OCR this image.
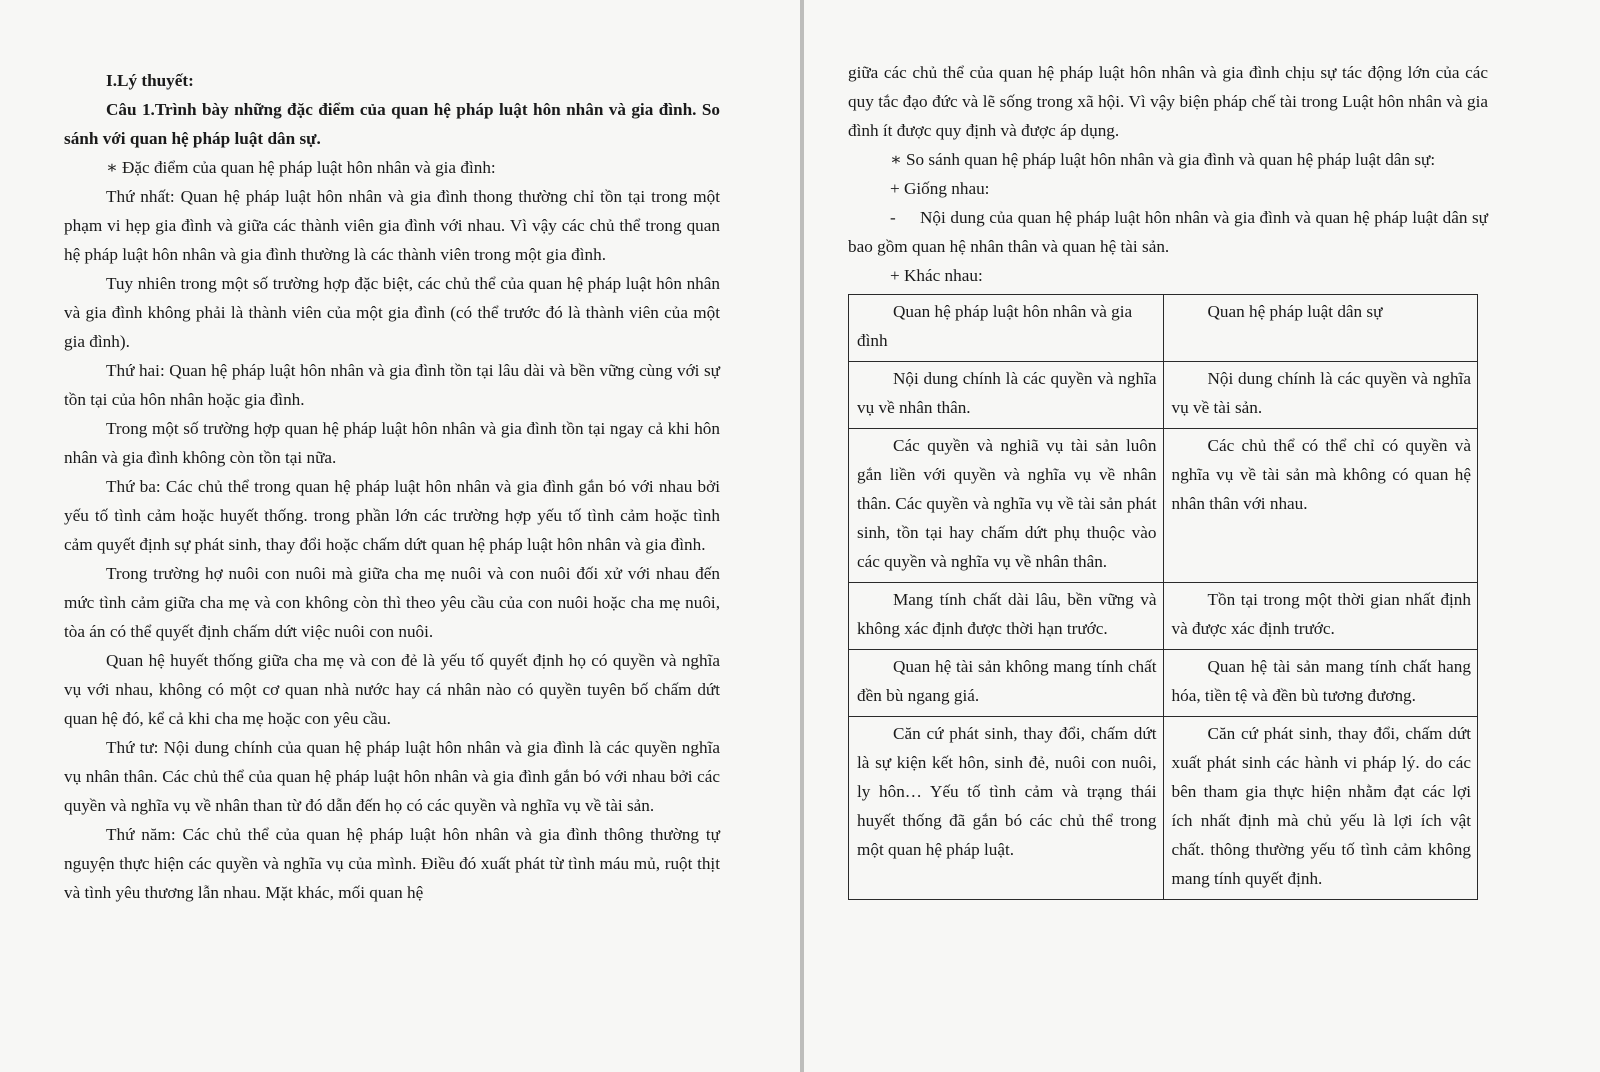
I.Lý thuyết:

Câu 1.Trình bày những đặc điểm của quan hệ pháp luật hôn nhân và gia đình. So sánh với quan hệ pháp luật dân sự.

∗ Đặc điểm của quan hệ pháp luật hôn nhân và gia đình:

Thứ nhất: Quan hệ pháp luật hôn nhân và gia đình thong thường chỉ tồn tại trong một phạm vi hẹp gia đình và giữa các thành viên gia đình với nhau. Vì vậy các chủ thể trong quan hệ pháp luật hôn nhân và gia đình thường là các thành viên trong một gia đình.

Tuy nhiên trong một số trường hợp đặc biệt, các chủ thể của quan hệ pháp luật hôn nhân và gia đình không phải là thành viên của một gia đình (có thể trước đó là thành viên của một gia đình).

Thứ hai: Quan hệ pháp luật hôn nhân và gia đình tồn tại lâu dài và bền vững cùng với sự tồn tại của hôn nhân hoặc gia đình.

Trong một số trường hợp quan hệ pháp luật hôn nhân và gia đình tồn tại ngay cả khi hôn nhân và gia đình không còn tồn tại nữa.

Thứ ba: Các chủ thể trong quan hệ pháp luật hôn nhân và gia đình gắn bó với nhau bởi yếu tố tình cảm hoặc huyết thống. trong phần lớn các trường hợp yếu tố tình cảm hoặc tình cảm quyết định sự phát sinh, thay đổi hoặc chấm dứt quan hệ pháp luật hôn nhân và gia đình.

Trong trường hợ nuôi con nuôi mà giữa cha mẹ nuôi và con nuôi đối xử với nhau đến mức tình cảm giữa cha mẹ và con không còn thì theo yêu cầu của con nuôi hoặc cha mẹ nuôi, tòa án có thể quyết định chấm dứt việc nuôi con nuôi.

Quan hệ huyết thống giữa cha mẹ và con đẻ là yếu tố quyết định họ có quyền và nghĩa vụ với nhau, không có một cơ quan nhà nước hay cá nhân nào có quyền tuyên bố chấm dứt quan hệ đó, kể cả khi cha mẹ hoặc con yêu cầu.

Thứ tư: Nội dung chính của quan hệ pháp luật hôn nhân và gia đình là các quyền nghĩa vụ nhân thân. Các chủ thể của quan hệ pháp luật hôn nhân và gia đình gắn bó với nhau bởi các quyền và nghĩa vụ về nhân than từ đó dẫn đến họ có các quyền và nghĩa vụ về tài sản.

Thứ năm: Các chủ thể của quan hệ pháp luật hôn nhân và gia đình thông thường tự nguyện thực hiện các quyền và nghĩa vụ của mình. Điều đó xuất phát từ tình máu mủ, ruột thịt và tình yêu thương lẫn nhau. Mặt khác, mối quan hệ

giữa các chủ thể của quan hệ pháp luật hôn nhân và gia đình chịu sự tác động lớn của các quy tắc đạo đức và lẽ sống trong xã hội. Vì vậy biện pháp chế tài trong Luật hôn nhân và gia đình ít được quy định và được áp dụng.

∗ So sánh quan hệ pháp luật hôn nhân và gia đình và quan hệ pháp luật dân sự:

+ Giống nhau:

- Nội dung của quan hệ pháp luật hôn nhân và gia đình và quan hệ pháp luật dân sự bao gồm quan hệ nhân thân và quan hệ tài sản.

+ Khác nhau:

Quan hệ pháp luật hôn nhân và gia đình	Quan hệ pháp luật dân sự

Nội dung chính là các quyền và nghĩa vụ về nhân thân.	Nội dung chính là các quyền và nghĩa vụ về tài sản.

Các quyền và nghiã vụ tài sản luôn gắn liền với quyền và nghĩa vụ về nhân thân. Các quyền và nghĩa vụ về tài sản phát sinh, tồn tại hay chấm dứt phụ thuộc vào các quyền và nghĩa vụ về nhân thân.	Các chủ thể có thể chỉ có quyền và nghĩa vụ về tài sản mà không có quan hệ nhân thân với nhau.

Mang tính chất dài lâu, bền vững và không xác định được thời hạn trước.	Tồn tại trong một thời gian nhất định và được xác định trước.

Quan hệ tài sản không mang tính chất đền bù ngang giá.	Quan hệ tài sản mang tính chất hang hóa, tiền tệ và đền bù tương đương.

Căn cứ phát sinh, thay đổi, chấm dứt là sự kiện kết hôn, sinh đẻ, nuôi con nuôi, ly hôn… Yếu tố tình cảm và trạng thái huyết thống đã gắn bó các chủ thể trong một quan hệ pháp luật.	Căn cứ phát sinh, thay đổi, chấm dứt xuất phát sinh các hành vi pháp lý. do các bên tham gia thực hiện nhằm đạt các lợi ích nhất định mà chủ yếu là lợi ích vật chất. thông thường yếu tố tình cảm không mang tính quyết định.
